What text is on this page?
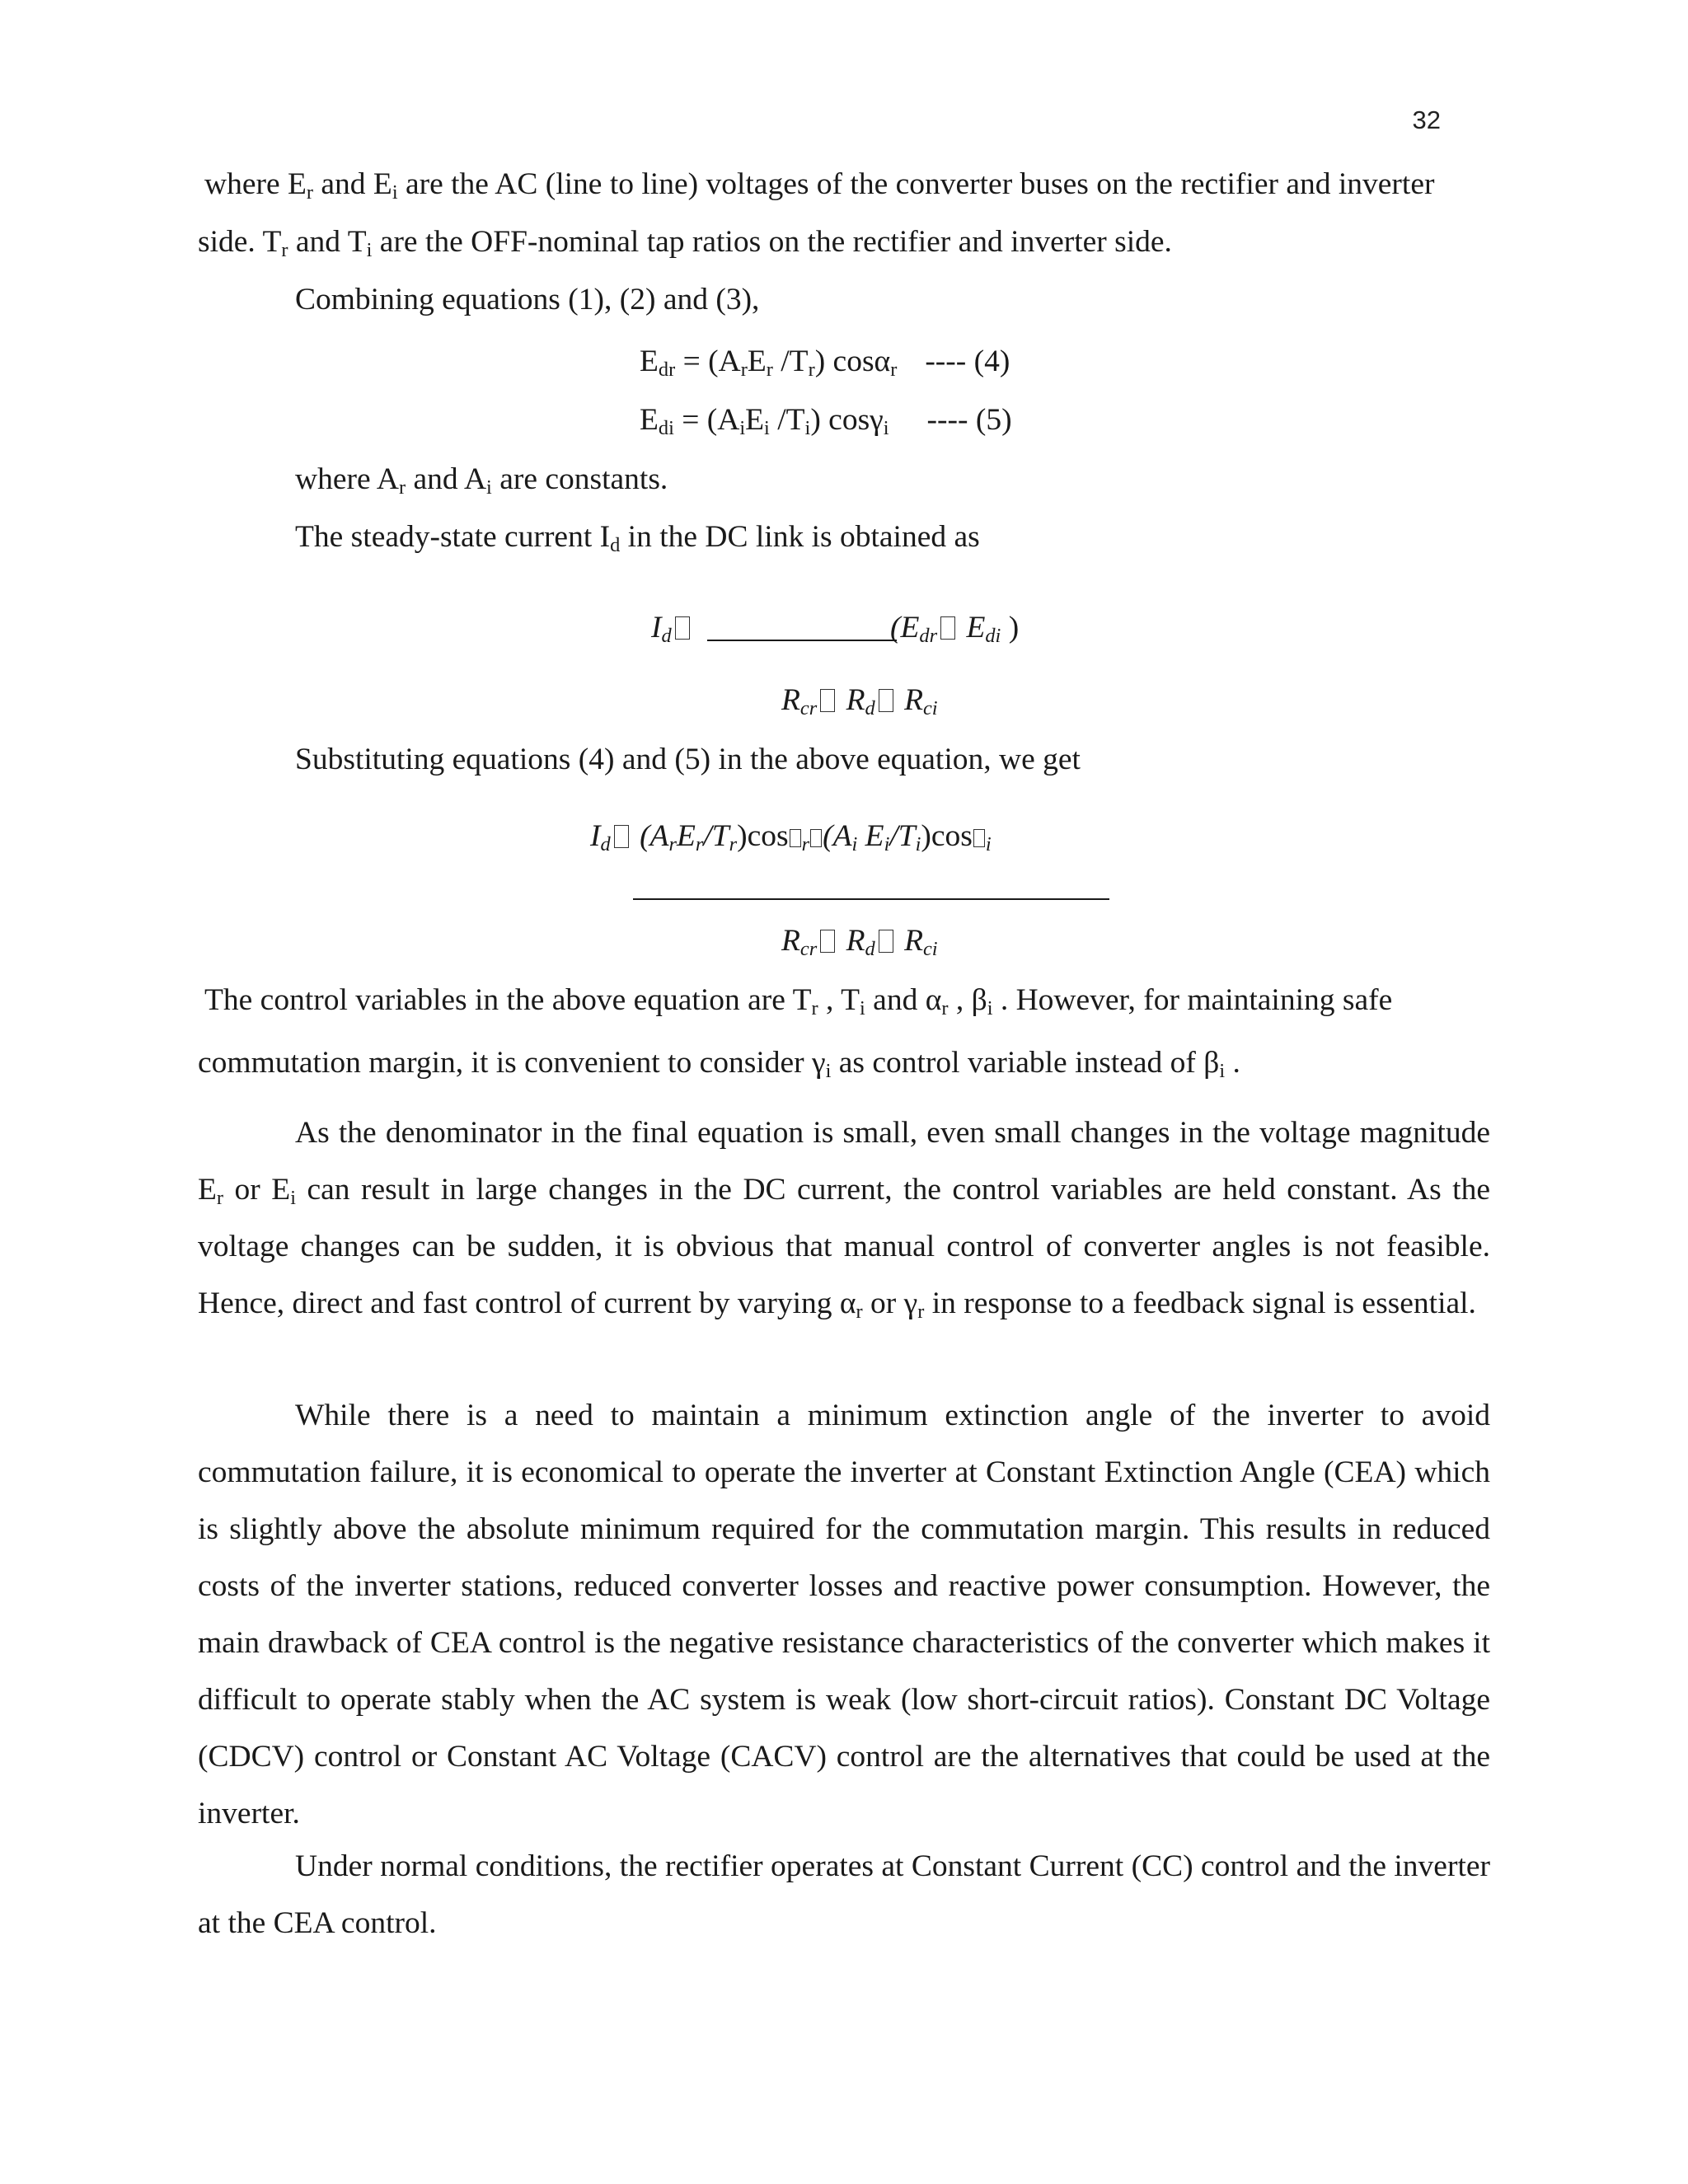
32
where $E_r$ and $E_i$ are the AC (line to line) voltages of the converter buses on the rectifier and inverter
side. $T_r$ and $T_i$ are the OFF-nominal tap ratios on the rectifier and inverter side.
Combining equations (1), (2) and (3),
$E_{dr} = (A_rE_r$ $/T_r$) cosα$_r$ ---- (4)
$E_{di} = (A_iE_i$ $/T_i$) cosγ$_i$ ---- (5)
where $A_r$ and $A_i$ are constants.
The steady-state current $I_d$ in the DC link is obtained as
$I_d$	($E_{dr}$ $E_{di}$ )
$R_{cr}$ $R_d$ $R_{ci}$
Substituting equations (4) and (5) in the above equation, we get
$I_d$ $(A_rE_r/T_r)\cos$ $_r$ ($A_i$ $E_i/T_i)\cos$ $_i$
$R_{cr}$ $R_d$ $R_{ci}$
The control variables in the above equation are $T_r$ , $T_i$ and $\alpha_r$ , $\beta_i$ . However, for maintaining safe
commutation margin, it is convenient to consider $\gamma_i$ as control variable instead of $\beta_i$ .
As the denominator in the final equation is small, even small changes in the voltage magnitude $E_r$ or $E_i$ can result in large changes in the DC current, the control variables are held constant. As the voltage changes can be sudden, it is obvious that manual control of converter angles is not feasible. Hence, direct and fast control of current by varying $\alpha_r$ or $\gamma_r$ in response to a feedback signal is essential.
While there is a need to maintain a minimum extinction angle of the inverter to avoid commutation failure, it is economical to operate the inverter at Constant Extinction Angle (CEA) which is slightly above the absolute minimum required for the commutation margin. This results in reduced costs of the inverter stations, reduced converter losses and reactive power consumption. However, the main drawback of CEA control is the negative resistance characteristics of the converter which makes it difficult to operate stably when the AC system is weak (low short-circuit ratios). Constant DC Voltage (CDCV) control or Constant AC Voltage (CACV) control are the alternatives that could be used at the inverter.
Under normal conditions, the rectifier operates at Constant Current (CC) control and the inverter at the CEA control.
